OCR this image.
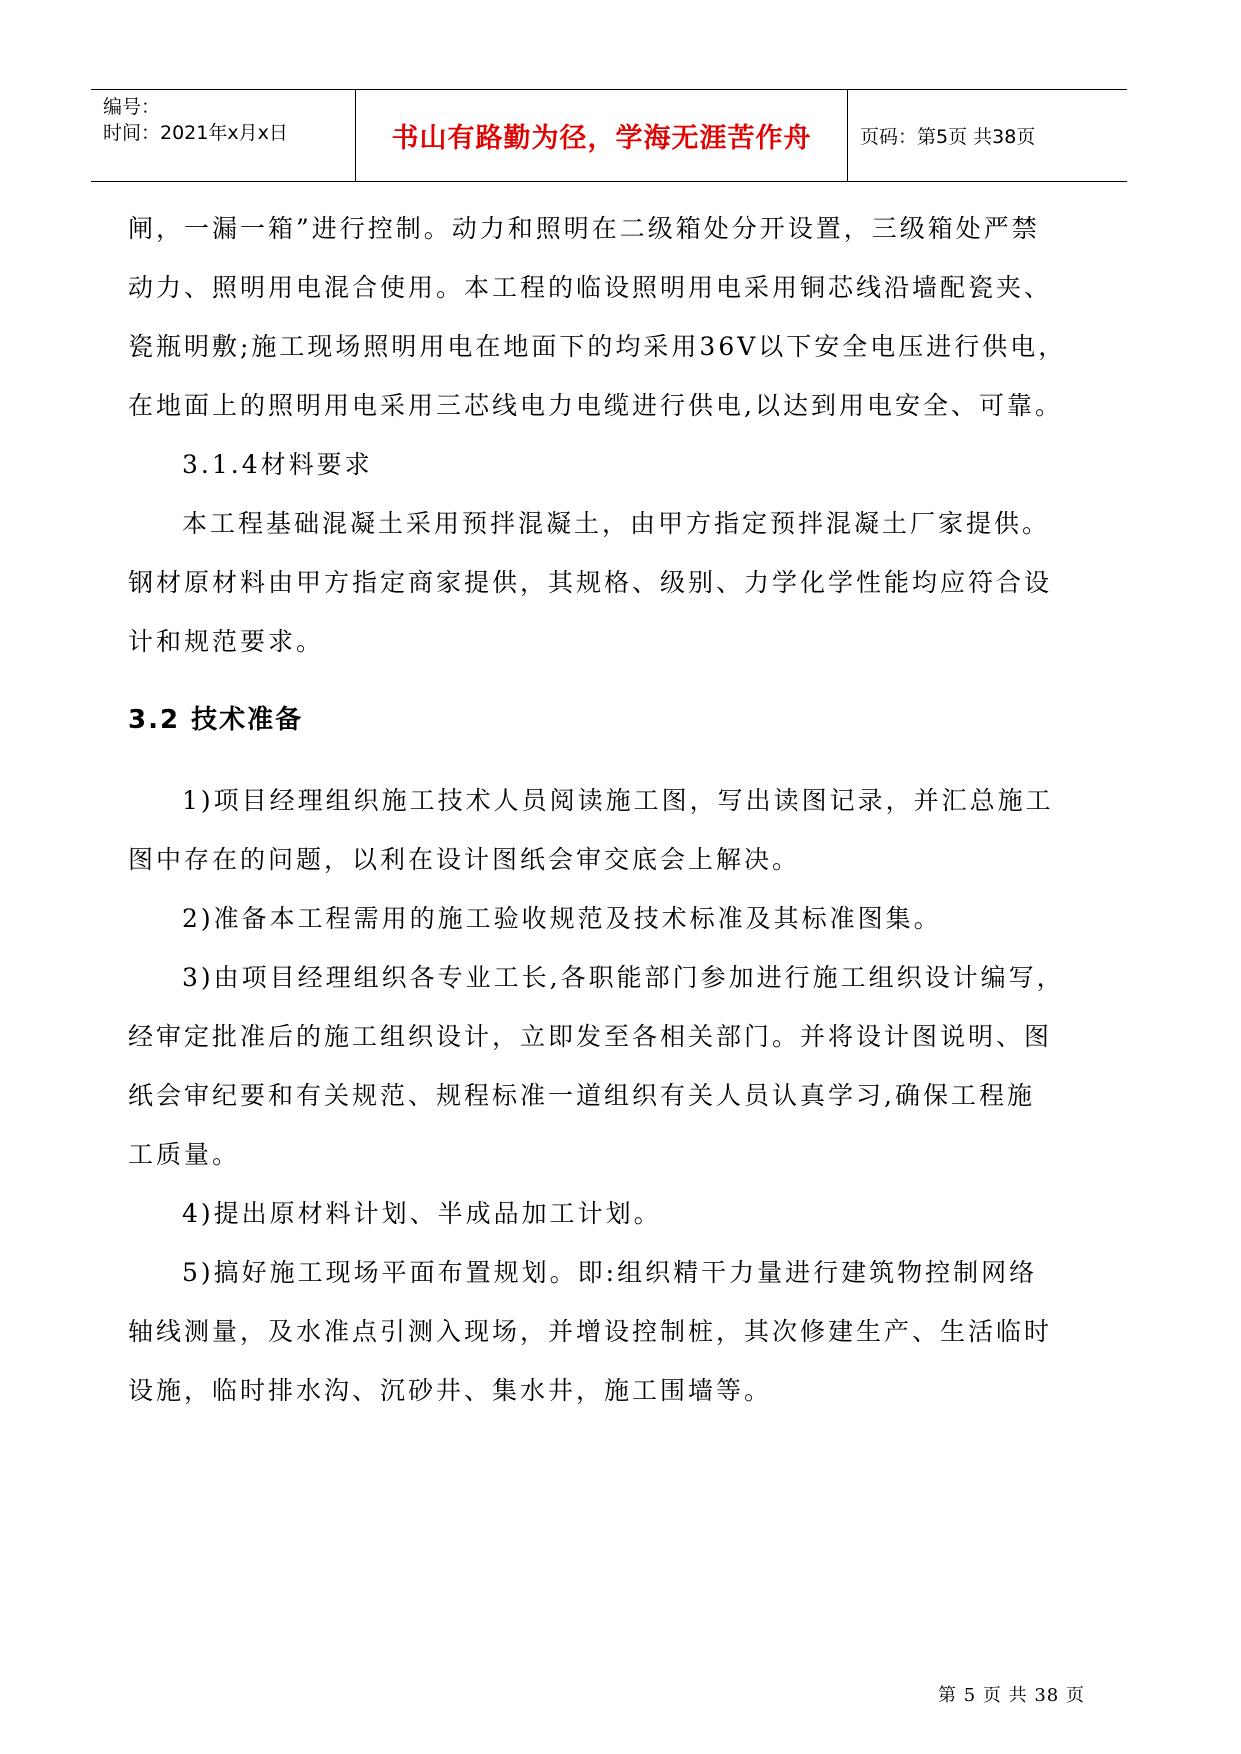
编号：
时间：2021年x月x日	书山有路勤为径，学海无涯苦作舟	页码：第5页 共38页
闸，一漏一箱”进行控制。动力和照明在二级箱处分开设置，三级箱处严禁
动力、照明用电混合使用。本工程的临设照明用电采用铜芯线沿墙配瓷夹、
瓷瓶明敷;施工现场照明用电在地面下的均采用36V以下安全电压进行供电，
在地面上的照明用电采用三芯线电力电缆进行供电,以达到用电安全、可靠。
3.1.4材料要求
本工程基础混凝土采用预拌混凝土，由甲方指定预拌混凝土厂家提供。
钢材原材料由甲方指定商家提供，其规格、级别、力学化学性能均应符合设
计和规范要求。
3.2 技术准备
1)项目经理组织施工技术人员阅读施工图，写出读图记录，并汇总施工
图中存在的问题，以利在设计图纸会审交底会上解决。
2)准备本工程需用的施工验收规范及技术标准及其标准图集。
3)由项目经理组织各专业工长,各职能部门参加进行施工组织设计编写，
经审定批准后的施工组织设计，立即发至各相关部门。并将设计图说明、图
纸会审纪要和有关规范、规程标准一道组织有关人员认真学习,确保工程施
工质量。
4)提出原材料计划、半成品加工计划。
5)搞好施工现场平面布置规划。即:组织精干力量进行建筑物控制网络
轴线测量，及水准点引测入现场，并增设控制桩，其次修建生产、生活临时
设施，临时排水沟、沉砂井、集水井，施工围墙等。
第 5 页 共 38 页
